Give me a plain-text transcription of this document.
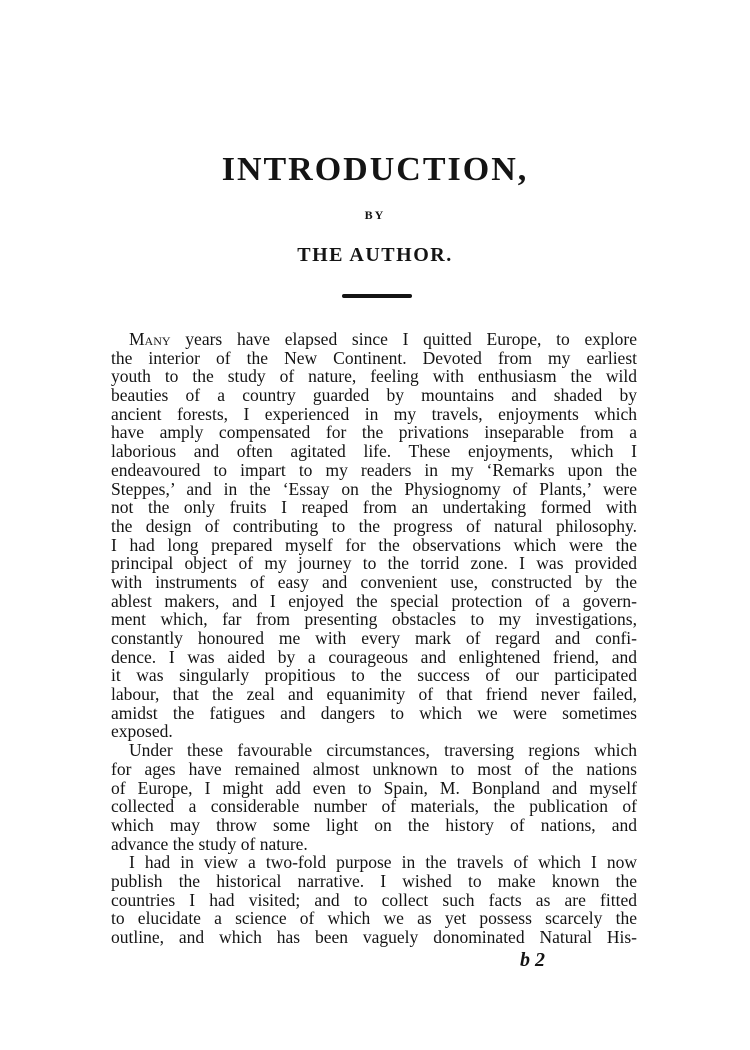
INTRODUCTION,
BY
THE AUTHOR.
Many years have elapsed since I quitted Europe, to explore
the interior of the New Continent. Devoted from my earliest
youth to the study of nature, feeling with enthusiasm the wild
beauties of a country guarded by mountains and shaded by
ancient forests, I experienced in my travels, enjoyments which
have amply compensated for the privations inseparable from a
laborious and often agitated life. These enjoyments, which I
endeavoured to impart to my readers in my ‘Remarks upon the
Steppes,’ and in the ‘Essay on the Physiognomy of Plants,’ were
not the only fruits I reaped from an undertaking formed with
the design of contributing to the progress of natural philosophy.
I had long prepared myself for the observations which were the
principal object of my journey to the torrid zone. I was provided
with instruments of easy and convenient use, constructed by the
ablest makers, and I enjoyed the special protection of a govern-
ment which, far from presenting obstacles to my investigations,
constantly honoured me with every mark of regard and confi-
dence. I was aided by a courageous and enlightened friend, and
it was singularly propitious to the success of our participated
labour, that the zeal and equanimity of that friend never failed,
amidst the fatigues and dangers to which we were sometimes
exposed.
Under these favourable circumstances, traversing regions which
for ages have remained almost unknown to most of the nations
of Europe, I might add even to Spain, M. Bonpland and myself
collected a considerable number of materials, the publication of
which may throw some light on the history of nations, and
advance the study of nature.
I had in view a two-fold purpose in the travels of which I now
publish the historical narrative. I wished to make known the
countries I had visited; and to collect such facts as are fitted
to elucidate a science of which we as yet possess scarcely the
outline, and which has been vaguely donominated Natural His-
b 2
